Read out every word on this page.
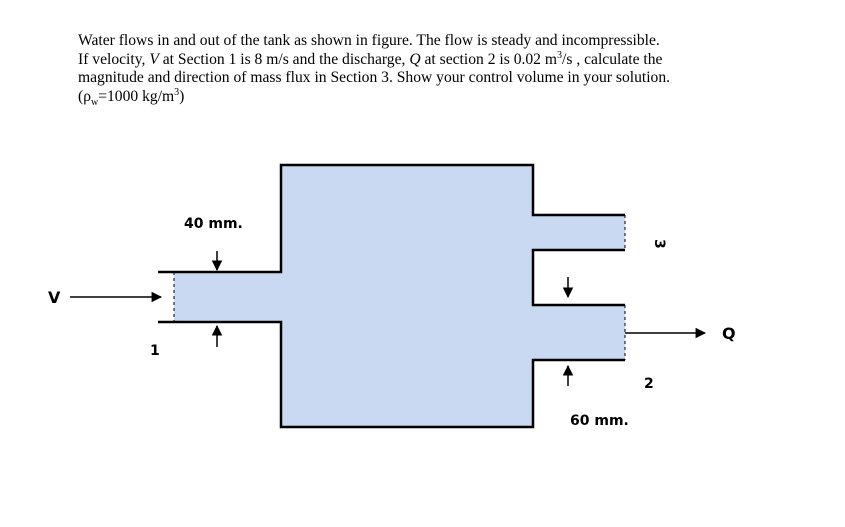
Water flows in and out of the tank as shown in figure. The flow is steady and incompressible.

If velocity, V at Section 1 is 8 m/s and the discharge, Q at section 2 is 0.02 $m^3/s$ , calculate the

magnitude and direction of mass flux in Section 3. Show your control volume in your solution.

($\rho_w=1000$ $kg/m^3$)

40 mm.
60 mm.
V
Q
1
2
3
